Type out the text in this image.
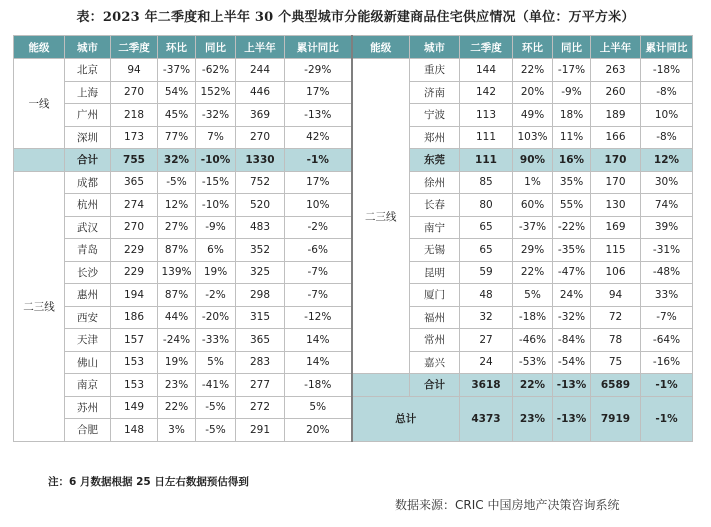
表：2023 年二季度和上半年 30 个典型城市分能级新建商品住宅供应情况（单位：万平方米）
能级	城市	二季度	环比	同比	上半年	累计同比	能级	城市	二季度	环比	同比	上半年	累计同比
一线	北京	94	-37%	-62%	244	-29%	二三线	重庆	144	22%	-17%	263	-18%
	上海	270	54%	152%	446	17%		济南	142	20%	-9%	260	-8%
	广州	218	45%	-32%	369	-13%		宁波	113	49%	18%	189	10%
	深圳	173	77%	7%	270	42%		郑州	111	103%	11%	166	-8%
	合计	755	32%	-10%	1330	-1%		东莞	111	90%	16%	170	12%
二三线	成都	365	-5%	-15%	752	17%		徐州	85	1%	35%	170	30%
	杭州	274	12%	-10%	520	10%		长春	80	60%	55%	130	74%
	武汉	270	27%	-9%	483	-2%		南宁	65	-37%	-22%	169	39%
	青岛	229	87%	6%	352	-6%		无锡	65	29%	-35%	115	-31%
	长沙	229	139%	19%	325	-7%		昆明	59	22%	-47%	106	-48%
	惠州	194	87%	-2%	298	-7%		厦门	48	5%	24%	94	33%
	西安	186	44%	-20%	315	-12%		福州	32	-18%	-32%	72	-7%
	天津	157	-24%	-33%	365	14%		常州	27	-46%	-84%	78	-64%
	佛山	153	19%	5%	283	14%		嘉兴	24	-53%	-54%	75	-16%
	南京	153	23%	-41%	277	-18%		合计	3618	22%	-13%	6589	-1%
	苏州	149	22%	-5%	272	5%	总计		4373	23%	-13%	7919	-1%
	合肥	148	3%	-5%	291	20%							
注：6 月数据根据 25 日左右数据预估得到
数据来源：CRIC 中国房地产决策咨询系统
